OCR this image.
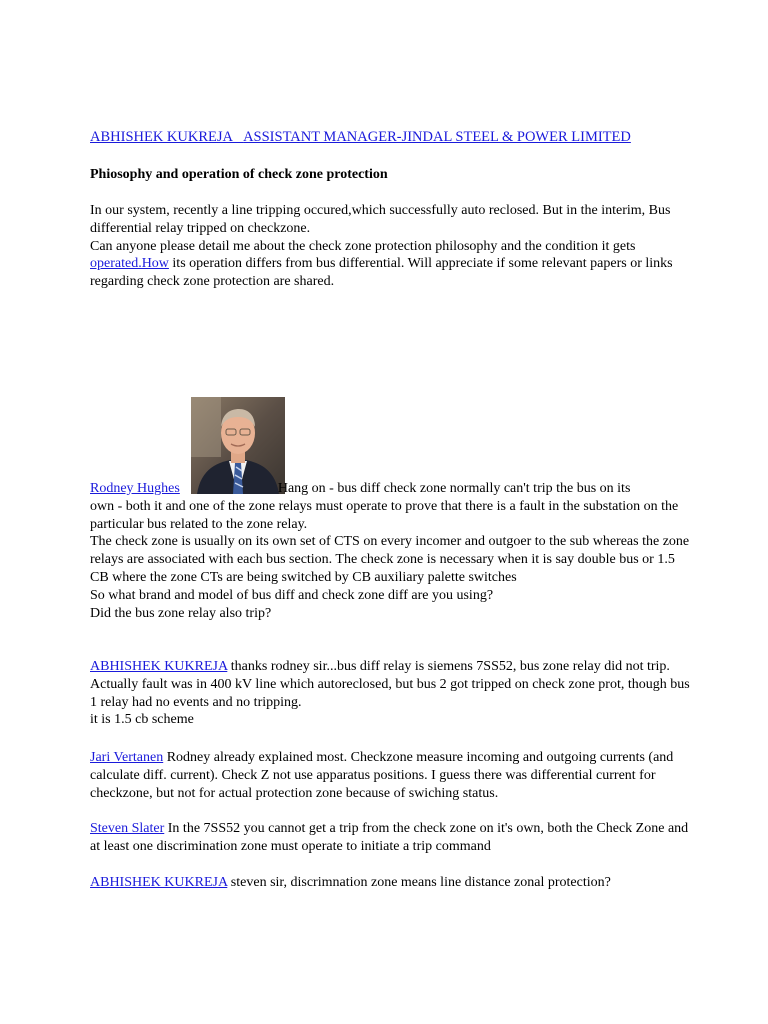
ABHISHEK KUKREJA ASSISTANT MANAGER-JINDAL STEEL & POWER LIMITED
Phiosophy and operation of check zone protection

In our system, recently a line tripping occured,which successfully auto reclosed. But in the interim, Bus differential relay tripped on checkzone.

Can anyone please detail me about the check zone protection philosophy and the condition it gets operated.How its operation differs from bus differential. Will appreciate if some relevant papers or links regarding check zone protection are shared.

Rodney Hughes	Hang on - bus diff check zone normally can't trip the bus on its

own - both it and one of the zone relays must operate to prove that there is a fault in the substation on the particular bus related to the zone relay.

The check zone is usually on its own set of CTS on every incomer and outgoer to the sub whereas the zone relays are associated with each bus section. The check zone is necessary when it is say double bus or 1.5 CB where the zone CTs are being switched by CB auxiliary palette switches

So what brand and model of bus diff and check zone diff are you using?

Did the bus zone relay also trip?

ABHISHEK KUKREJA thanks rodney sir...bus diff relay is siemens 7SS52, bus zone relay did not trip. Actually fault was in 400 kV line which autoreclosed, but bus 2 got tripped on check zone prot, though bus 1 relay had no events and no tripping.

it is 1.5 cb scheme

Jari Vertanen Rodney already explained most. Checkzone measure incoming and outgoing currents (and calculate diff. current). Check Z not use apparatus positions. I guess there was differential current for checkzone, but not for actual protection zone because of swiching status.

Steven Slater In the 7SS52 you cannot get a trip from the check zone on it's own, both the Check Zone and at least one discrimination zone must operate to initiate a trip command

ABHISHEK KUKREJA steven sir, discrimnation zone means line distance zonal protection?
